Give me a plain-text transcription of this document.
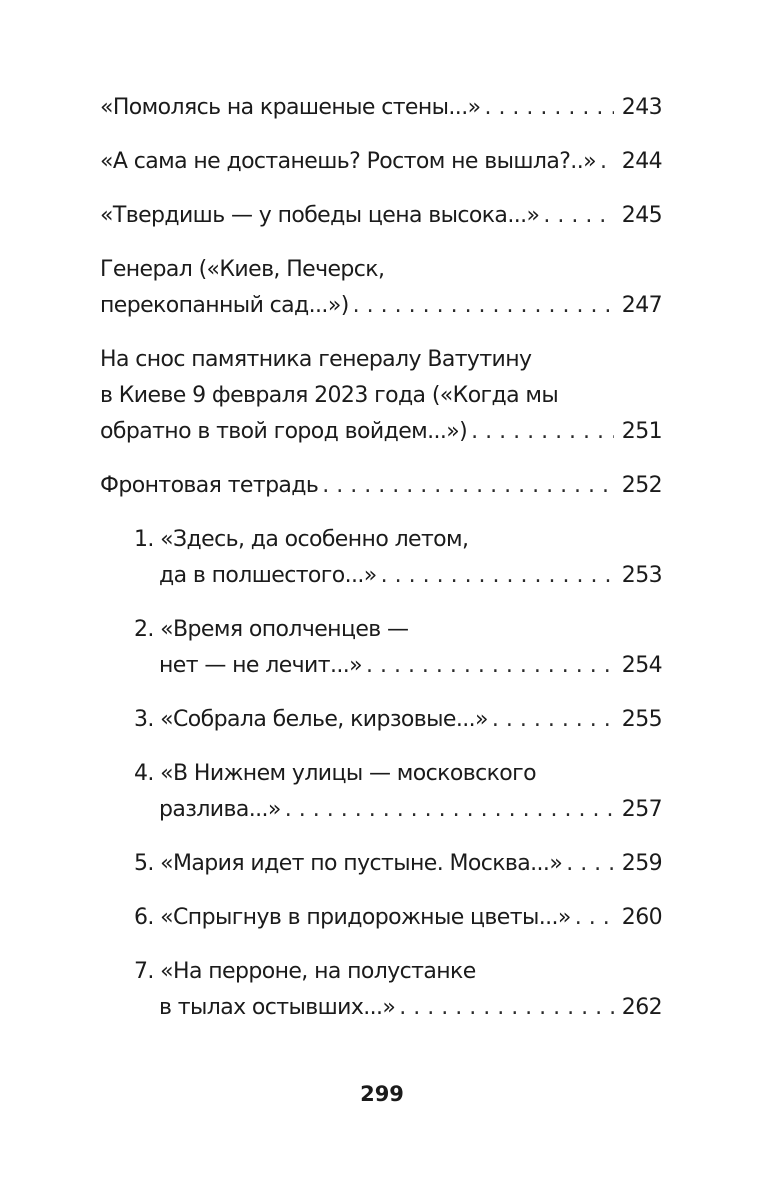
«Помолясь на крашеные стены...» . . .	243
«А сама не достанешь? Ростом не вышла?..» . . . 244
«Твердишь — у победы цена высока...» . . .	245
Генерал («Киев, Печерск,
перекопанный сад...») . . .	247
На снос памятника генералу Ватутину
в Киеве 9 февраля 2023 года («Когда мы
обратно в твой город войдем...») . . .	251
Фронтовая тетрадь . . .	252
1. «Здесь, да особенно летом,
да в полшестого...» . . .	253
2. «Время ополченцев —
нет — не лечит...» . . .	254
3. «Собрала белье, кирзовые...» . . .	255
4. «В Нижнем улицы — московского
разлива...» . . .	257
5. «Мария идет по пустыне. Москва...» . . .	259
6. «Спрыгнув в придорожные цветы...» . . . 260
7. «На перроне, на полустанке
в тылах остывших...» . . .	262
299
